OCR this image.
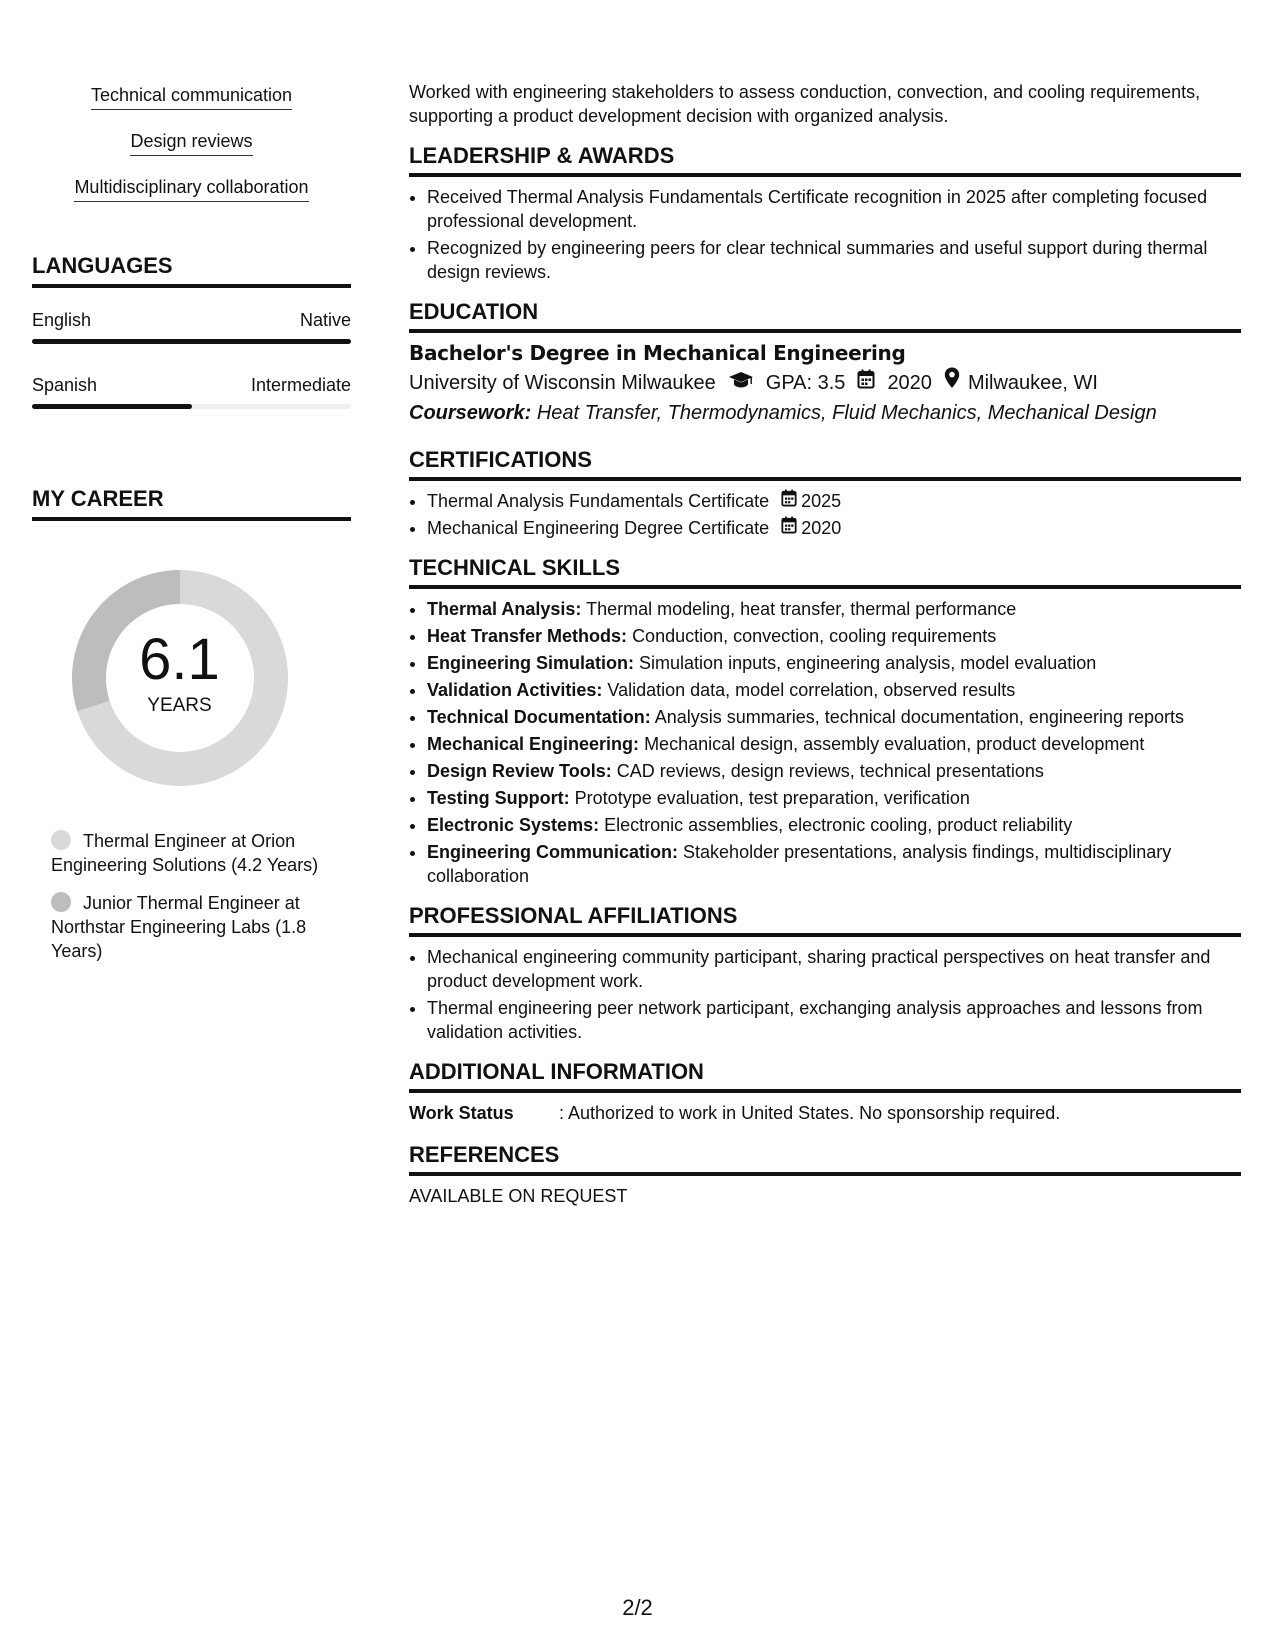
Technical communication
Design reviews
Multidisciplinary collaboration
LANGUAGES
English	Native
Spanish	Intermediate
MY CAREER
6.1
YEARS
Thermal Engineer at Orion Engineering Solutions (4.2 Years)
Junior Thermal Engineer at Northstar Engineering Labs (1.8 Years)

Worked with engineering stakeholders to assess conduction, convection, and cooling requirements, supporting a product development decision with organized analysis.

LEADERSHIP & AWARDS
• Received Thermal Analysis Fundamentals Certificate recognition in 2025 after completing focused professional development.
• Recognized by engineering peers for clear technical summaries and useful support during thermal design reviews.
EDUCATION
Bachelor's Degree in Mechanical Engineering
University of Wisconsin Milwaukee	GPA: 3.5 2020 Milwaukee, WI
Coursework: Heat Transfer, Thermodynamics, Fluid Mechanics, Mechanical Design
CERTIFICATIONS
• Thermal Analysis Fundamentals Certificate 2025
• Mechanical Engineering Degree Certificate 2020
TECHNICAL SKILLS
• Thermal Analysis: Thermal modeling, heat transfer, thermal performance
• Heat Transfer Methods: Conduction, convection, cooling requirements
• Engineering Simulation: Simulation inputs, engineering analysis, model evaluation
• Validation Activities: Validation data, model correlation, observed results
• Technical Documentation: Analysis summaries, technical documentation, engineering reports
• Mechanical Engineering: Mechanical design, assembly evaluation, product development
• Design Review Tools: CAD reviews, design reviews, technical presentations
• Testing Support: Prototype evaluation, test preparation, verification
• Electronic Systems: Electronic assemblies, electronic cooling, product reliability
• Engineering Communication: Stakeholder presentations, analysis findings, multidisciplinary collaboration
PROFESSIONAL AFFILIATIONS
• Mechanical engineering community participant, sharing practical perspectives on heat transfer and product development work.
• Thermal engineering peer network participant, exchanging analysis approaches and lessons from validation activities.
ADDITIONAL INFORMATION
Work Status	: Authorized to work in United States. No sponsorship required.
REFERENCES
AVAILABLE ON REQUEST
2/2
